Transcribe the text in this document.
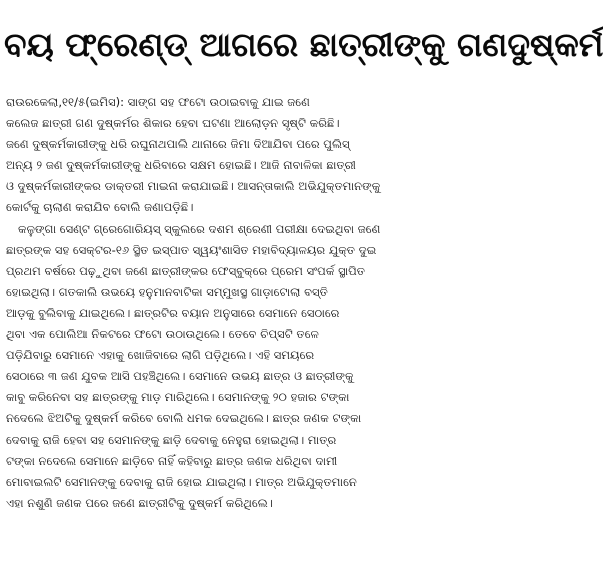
ବୟ ଫ୍ରେଣ୍ଡ୍ ଆଗରେ ଛାତ୍ରୀଙ୍କୁ ଗଣଦୁଷ୍କର୍ମ
ରାଉରକେଲା,୧୧/୫(ଇମିସ): ସାଙ୍ଗ ସହ ଫଟୋ ଉଠାଇବାକୁ ଯାଇ ଜଣେ
କଲେଜ ଛାତ୍ରୀ ଗଣ ଦୁଷ୍କର୍ମର ଶିକାର ହେବା ଘଟଣା ଆଲୋଡ଼ନ ସୃଷ୍ଟି କରିଛି।
ଜଣେ ଦୁଷ୍କର୍ମକାରୀଙ୍କୁ ଧରି ରଘୁନାଥପାଲି ଥାନାରେ ଜିମା ଦିଆଯିବା ପରେ ପୁଲିସ୍
ଅନ୍ୟ ୨ ଜଣ ଦୁଷ୍କର୍ମକାରୀଙ୍କୁ ଧରିବାରେ ସକ୍ଷମ ହୋଇଛି। ଆଜି ନାବାଳିକା ଛାତ୍ରୀ
ଓ ଦୁଷ୍କର୍ମକାରୀଙ୍କର ଡାକ୍ତରୀ ମାଇନା କରାଯାଇଛି। ଆସନ୍ତାକାଲି ଅଭିଯୁକ୍ତମାନଙ୍କୁ
କୋର୍ଟକୁ ଚାଲାଣ କରାଯିବ ବୋଲି ଜଣାପଡ଼ିଛି।
କଳୁଙ୍ଗା ସେଣ୍ଟ ଗ୍ରେଗୋରିୟସ୍ ସ୍କୁଲରେ ଦଶମ ଶ୍ରେଣୀ ପରୀକ୍ଷା ଦେଇଥିବା ଜଣେ
ଛାତ୍ରଙ୍କ ସହ ସେକ୍ଟର-୧୬ ସ୍ଥିତ ଇସ୍ପାତ ସ୍ୱୟଂଶାସିତ ମହାବିଦ୍ୟାଳୟର ଯୁକ୍ତ ଦୁଇ
ପ୍ରଥମ ବର୍ଷରେ ପଢ଼ୁଥିବା ଜଣେ ଛାତ୍ରୀଙ୍କର ଫେସ୍‌ବୁକ୍‌ରେ ପ୍ରେମ ସଂପର୍କ ସ୍ଥାପିତ
ହୋଇଥିଲା। ଗତକାଲି ଉଭୟେ ହନୁମାନବାଟିକା ସମ୍ମୁଖସ୍ଥ ଗାଡ଼ାଟୋଲା ବସ୍ତି
ଆଡ଼କୁ ବୁଲିବାକୁ ଯାଇଥିଲେ। ଛାତ୍ରଟିର ବୟାନ ଅନୁସାରେ ସେମାନେ ସେଠାରେ
ଥିବା ଏକ ପୋଲିଆ ନିକଟରେ ଫଟୋ ଉଠାଉଥିଲେ। ତେବେ ଚିପ୍‌ସଟି ତଳେ
ପଡ଼ିଯିବାରୁ ସେମାନେ ଏହାକୁ ଖୋଜିବାରେ ଲାଗି ପଡ଼ିଥିଲେ। ଏହି ସମୟରେ
ସେଠାରେ ୩ ଜଣ ଯୁବକ ଆସି ପହଞ୍ଚିଥିଲେ। ସେମାନେ ଉଭୟ ଛାତ୍ର ଓ ଛାତ୍ରୀଙ୍କୁ
କାବୁ କରିନେବା ସହ ଛାତ୍ରଙ୍କୁ ମାଡ଼ ମାରିଥିଲେ। ସେମାନଙ୍କୁ ୨୦ ହଜାର ଟଙ୍କା
ନଦେଲେ ଝିଅଟିକୁ ଦୁଷ୍କର୍ମ କରିବେ ବୋଲି ଧମକ ଦେଇଥିଲେ। ଛାତ୍ର ଜଣକ ଟଙ୍କା
ଦେବାକୁ ରାଜି ହେବା ସହ ସେମାନଙ୍କୁ ଛାଡ଼ି ଦେବାକୁ ନେହୁରା ହୋଇଥିଲା। ମାତ୍ର
ଟଙ୍କା ନଦେଲେ ସେମାନେ ଛାଡ଼ିବେ ନାହିଁ କହିବାରୁ ଛାତ୍ର ଜଣକ ଧରିଥିବା ଦାମୀ
ମୋବାଇଲଟି ସେମାନଙ୍କୁ ଦେବାକୁ ରାଜି ହୋଇ ଯାଇଥିଲା। ମାତ୍ର ଅଭିଯୁକ୍ତମାନେ
ଏହା ନଶୁଣି ଜଣକ ପରେ ଜଣେ ଛାତ୍ରୀଟିକୁ ଦୁଷ୍କର୍ମ କରିଥିଲେ।
